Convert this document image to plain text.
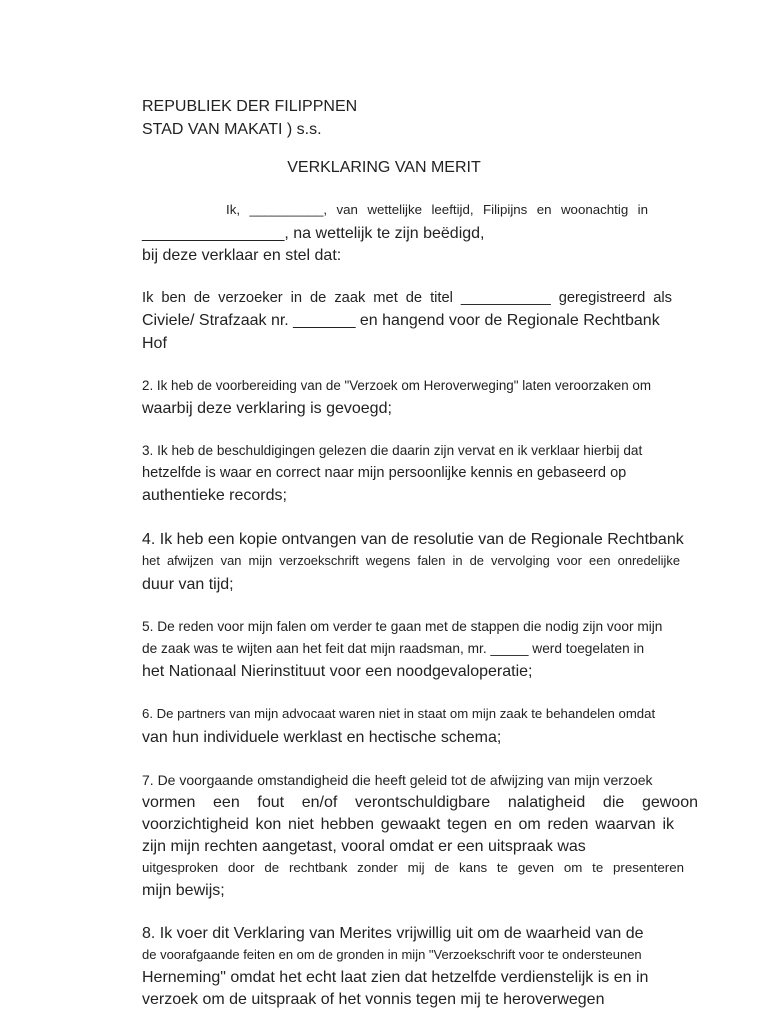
REPUBLIEK DER FILIPPNEN
STAD VAN MAKATI ) s.s.
VERKLARING VAN MERIT
Ik, __________, van wettelijke leeftijd, Filipijns en woonachtig in
________________, na wettelijk te zijn beëdigd,
bij deze verklaar en stel dat:
Ik ben de verzoeker in de zaak met de titel ___________ geregistreerd als
Civiele/ Strafzaak nr. _______ en hangend voor de Regionale Rechtbank
Hof
2. Ik heb de voorbereiding van de "Verzoek om Heroverweging" laten veroorzaken om
waarbij deze verklaring is gevoegd;
3. Ik heb de beschuldigingen gelezen die daarin zijn vervat en ik verklaar hierbij dat
hetzelfde is waar en correct naar mijn persoonlijke kennis en gebaseerd op
authentieke records;
4. Ik heb een kopie ontvangen van de resolutie van de Regionale Rechtbank
het afwijzen van mijn verzoekschrift wegens falen in de vervolging voor een onredelijke
duur van tijd;
5. De reden voor mijn falen om verder te gaan met de stappen die nodig zijn voor mijn
de zaak was te wijten aan het feit dat mijn raadsman, mr. _____ werd toegelaten in
het Nationaal Nierinstituut voor een noodgevaloperatie;
6. De partners van mijn advocaat waren niet in staat om mijn zaak te behandelen omdat
van hun individuele werklast en hectische schema;
7. De voorgaande omstandigheid die heeft geleid tot de afwijzing van mijn verzoek
vormen een fout en/of verontschuldigbare nalatigheid die gewoon
voorzichtigheid kon niet hebben gewaakt tegen en om reden waarvan ik
zijn mijn rechten aangetast, vooral omdat er een uitspraak was
uitgesproken door de rechtbank zonder mij de kans te geven om te presenteren
mijn bewijs;
8. Ik voer dit Verklaring van Merites vrijwillig uit om de waarheid van de
de voorafgaande feiten en om de gronden in mijn "Verzoekschrift voor te ondersteunen
Herneming" omdat het echt laat zien dat hetzelfde verdienstelijk is en in
verzoek om de uitspraak of het vonnis tegen mij te heroverwegen
